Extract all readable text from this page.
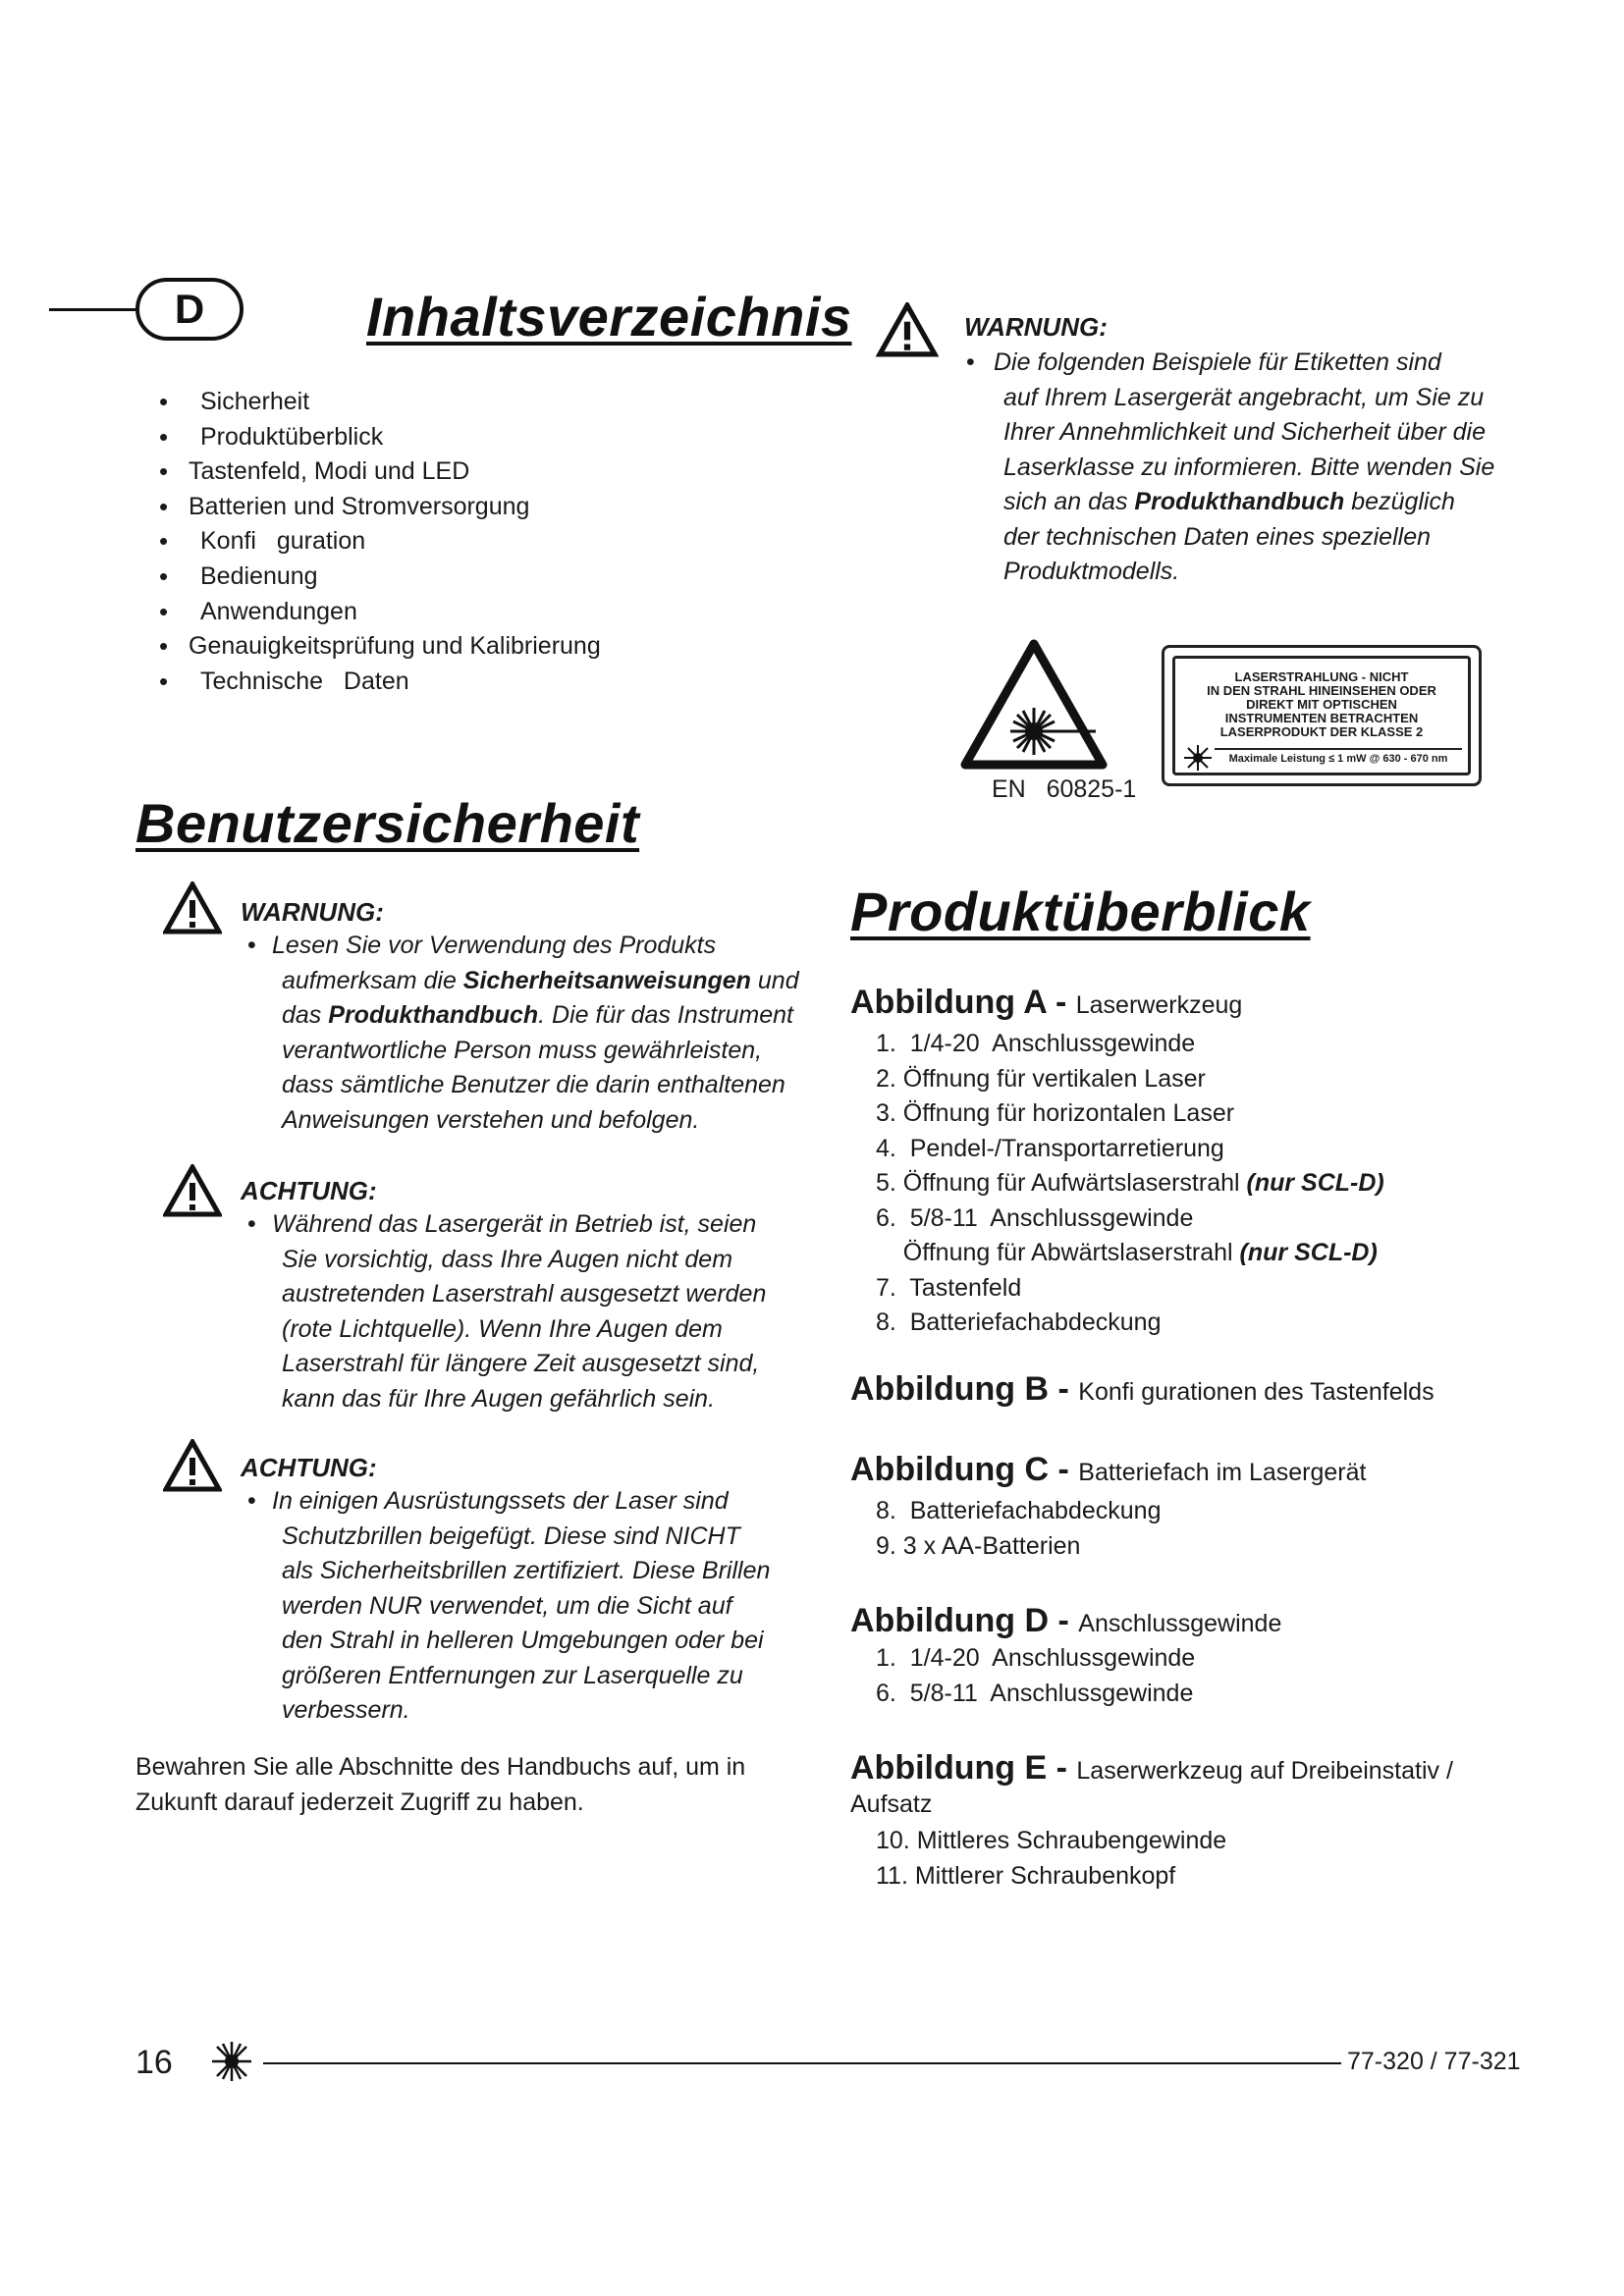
D	Inhaltsverzeichnis
• Sicherheit
• Produktüberblick
• Tastenfeld, Modi und LED
• Batterien und Stromversorgung
• Konfi   guration
• Bedienung
• Anwendungen
• Genauigkeitsprüfung und Kalibrierung
• Technische   Daten
Benutzersicherheit
WARNUNG:
• Lesen Sie vor Verwendung des Produkts
aufmerksam die Sicherheitsanweisungen und
das Produkthandbuch. Die für das Instrument
verantwortliche Person muss gewährleisten,
dass sämtliche Benutzer die darin enthaltenen
Anweisungen verstehen und befolgen.
ACHTUNG:
• Während das Lasergerät in Betrieb ist, seien
Sie vorsichtig, dass Ihre Augen nicht dem
austretenden Laserstrahl ausgesetzt werden
(rote Lichtquelle). Wenn Ihre Augen dem
Laserstrahl für längere Zeit ausgesetzt sind,
kann das für Ihre Augen gefährlich sein.
ACHTUNG:
• In einigen Ausrüstungssets der Laser sind
Schutzbrillen beigefügt. Diese sind NICHT
als Sicherheitsbrillen zertifiziert. Diese Brillen
werden NUR verwendet, um die Sicht auf
den Strahl in helleren Umgebungen oder bei
größeren Entfernungen zur Laserquelle zu
verbessern.
Bewahren Sie alle Abschnitte des Handbuchs auf, um in
Zukunft darauf jederzeit Zugriff zu haben.
WARNUNG:
• Die folgenden Beispiele für Etiketten sind
auf Ihrem Lasergerät angebracht, um Sie zu
Ihrer Annehmlichkeit und Sicherheit über die
Laserklasse zu informieren. Bitte wenden Sie
sich an das Produkthandbuch bezüglich
der technischen Daten eines speziellen
Produktmodells.
EN   60825-1
LASERSTRAHLUNG - NICHT
IN DEN STRAHL HINEINSEHEN ODER
DIREKT MIT OPTISCHEN
INSTRUMENTEN BETRACHTEN
LASERPRODUKT DER KLASSE 2
Maximale Leistung ≤ 1 mW @ 630 - 670 nm
Produktüberblick
Abbildung A - Laserwerkzeug
1.  1/4-20  Anschlussgewinde
2. Öffnung für vertikalen Laser
3. Öffnung für horizontalen Laser
4.  Pendel-/Transportarretierung
5. Öffnung für Aufwärtslaserstrahl (nur SCL-D)
6.  5/8-11  Anschlussgewinde
Öffnung für Abwärtslaserstrahl (nur SCL-D)
7.  Tastenfeld
8.  Batteriefachabdeckung
Abbildung B - Konfi gurationen des Tastenfelds
Abbildung C - Batteriefach im Lasergerät
8.  Batteriefachabdeckung
9. 3 x AA-Batterien
Abbildung D - Anschlussgewinde
1.  1/4-20  Anschlussgewinde
6.  5/8-11  Anschlussgewinde
Abbildung E - Laserwerkzeug auf Dreibeinstativ /
Aufsatz
10. Mittleres Schraubengewinde
11. Mittlerer Schraubenkopf
16	77-320 / 77-321
